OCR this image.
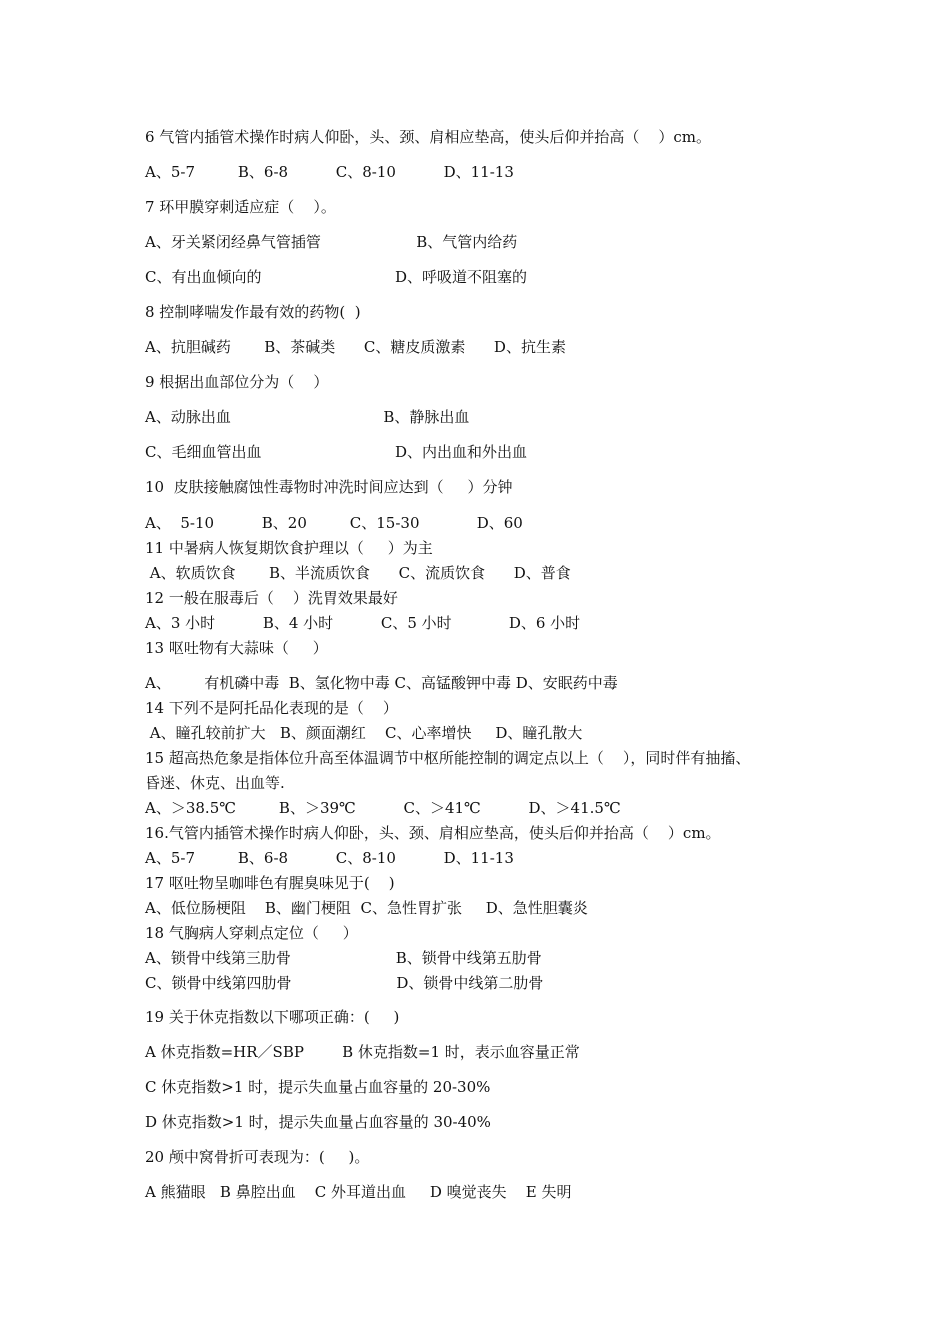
6 气管内插管术操作时病人仰卧，头、颈、肩相应垫高，使头后仰并抬高（    ）cm。
A、5-7         B、6-8          C、8-10          D、11-13
7 环甲膜穿刺适应症（    ）。
A、牙关紧闭经鼻气管插管                    B、气管内给药
C、有出血倾向的                            D、呼吸道不阻塞的
8 控制哮喘发作最有效的药物(  )
A、抗胆碱药       B、茶碱类      C、糖皮质激素      D、抗生素
9 根据出血部位分为（    ）
A、动脉出血                                B、静脉出血
C、毛细血管出血                            D、内出血和外出血
10  皮肤接触腐蚀性毒物时冲洗时间应达到（     ）分钟
A、  5-10          B、20         C、15-30            D、60
11 中暑病人恢复期饮食护理以（     ）为主
A、软质饮食       B、半流质饮食      C、流质饮食      D、普食
12 一般在服毒后（    ）洗胃效果最好
A、3 小时          B、4 小时          C、5 小时            D、6 小时
13 呕吐物有大蒜味（     ）
A、       有机磷中毒  B、氢化物中毒 C、高锰酸钾中毒 D、安眠药中毒
14 下列不是阿托品化表现的是（    ）
A、瞳孔较前扩大   B、颜面潮红    C、心率增快     D、瞳孔散大
15 超高热危象是指体位升高至体温调节中枢所能控制的调定点以上（    ），同时伴有抽搐、
昏迷、休克、出血等.
A、＞38.5℃         B、＞39℃          C、＞41℃          D、＞41.5℃
16.气管内插管术操作时病人仰卧，头、颈、肩相应垫高，使头后仰并抬高（    ）cm。
A、5-7         B、6-8          C、8-10          D、11-13
17 呕吐物呈咖啡色有腥臭味见于(    )
A、低位肠梗阻    B、幽门梗阻  C、急性胃扩张     D、急性胆囊炎
18 气胸病人穿刺点定位（     ）
A、锁骨中线第三肋骨                      B、锁骨中线第五肋骨
C、锁骨中线第四肋骨                      D、锁骨中线第二肋骨
19 关于休克指数以下哪项正确：(     )
A 休克指数=HR／SBP        B 休克指数=1 时，表示血容量正常
C 休克指数>1 时，提示失血量占血容量的 20-30%
D 休克指数>1 时，提示失血量占血容量的 30-40%
20 颅中窝骨折可表现为：(     )。
A 熊猫眼   B 鼻腔出血    C 外耳道出血     D 嗅觉丧失    E 失明
